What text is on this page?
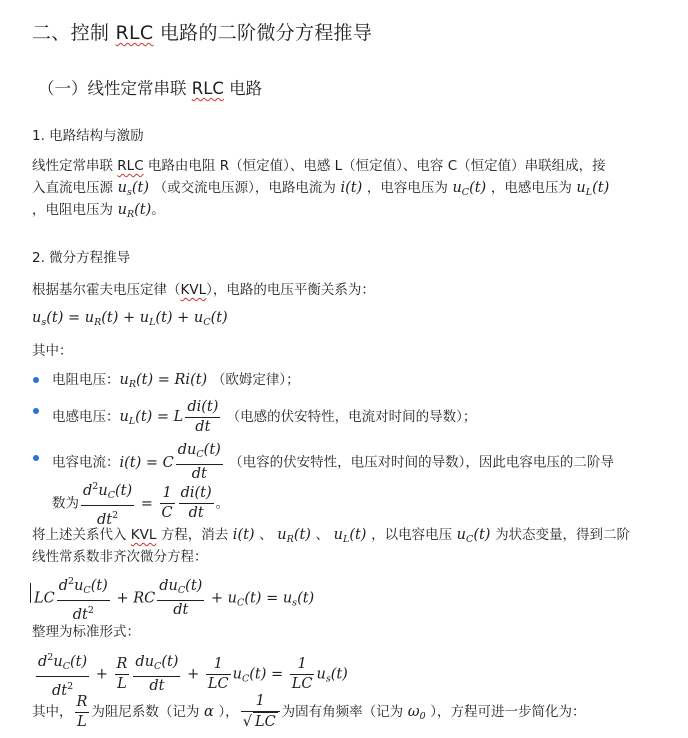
二、控制 RLC 电路的二阶微分方程推导
（一）线性定常串联 RLC 电路
1. 电路结构与激励
线性定常串联 RLC 电路由电阻 R（恒定值）、电感 L（恒定值）、电容 C（恒定值）串联组成，接
入直流电压源 $u_s(t)$ （或交流电压源），电路电流为 i(t) ，电容电压为 $u_C(t)$ ，电感电压为 $u_L(t)$
，电阻电压为 $u_R(t)$。
2. 微分方程推导
根据基尔霍夫电压定律（KVL），电路的电压平衡关系为：
$u_s(t) = u_R(t) + u_L(t) + u_C(t)$
其中：
电阻电压：$u_R(t) = Ri(t)$ （欧姆定律）；
电感电压：$u_L(t) = L \frac{di(t)}{dt}$ （电感的伏安特性，电流对时间的导数）；
电容电流：i(t) = C $\frac{du_C(t)}{dt}$ （电容的伏安特性，电压对时间的导数），因此电容电压的二阶导
数为 $\frac{d^2u_C(t)}{dt^2} = \frac{1}{C} \frac{di(t)}{dt}$ 。
将上述关系代入 KVL 方程，消去 i(t) 、 $u_R(t)$ 、 $u_L(t)$ ，以电容电压 $u_C(t)$ 为状态变量，得到二阶
线性常系数非齐次微分方程：
LC $\frac{d^2u_C(t)}{dt^2}$ + RC $\frac{du_C(t)}{dt} + u_C(t) = u_s(t)$
整理为标准形式：
$\frac{d^2u_C(t)}{dt^2} + \frac{R}{L} \frac{du_C(t)}{dt} + \frac{1}{LC} u_C(t) = \frac{1}{LC} u_s(t)$
其中， $\frac{R}{L}$ 为阻尼系数（记为 α ）， $\frac{1}{√ LC}$ 为固有角频率（记为 $\omega_0$ ），方程可进一步简化为：
